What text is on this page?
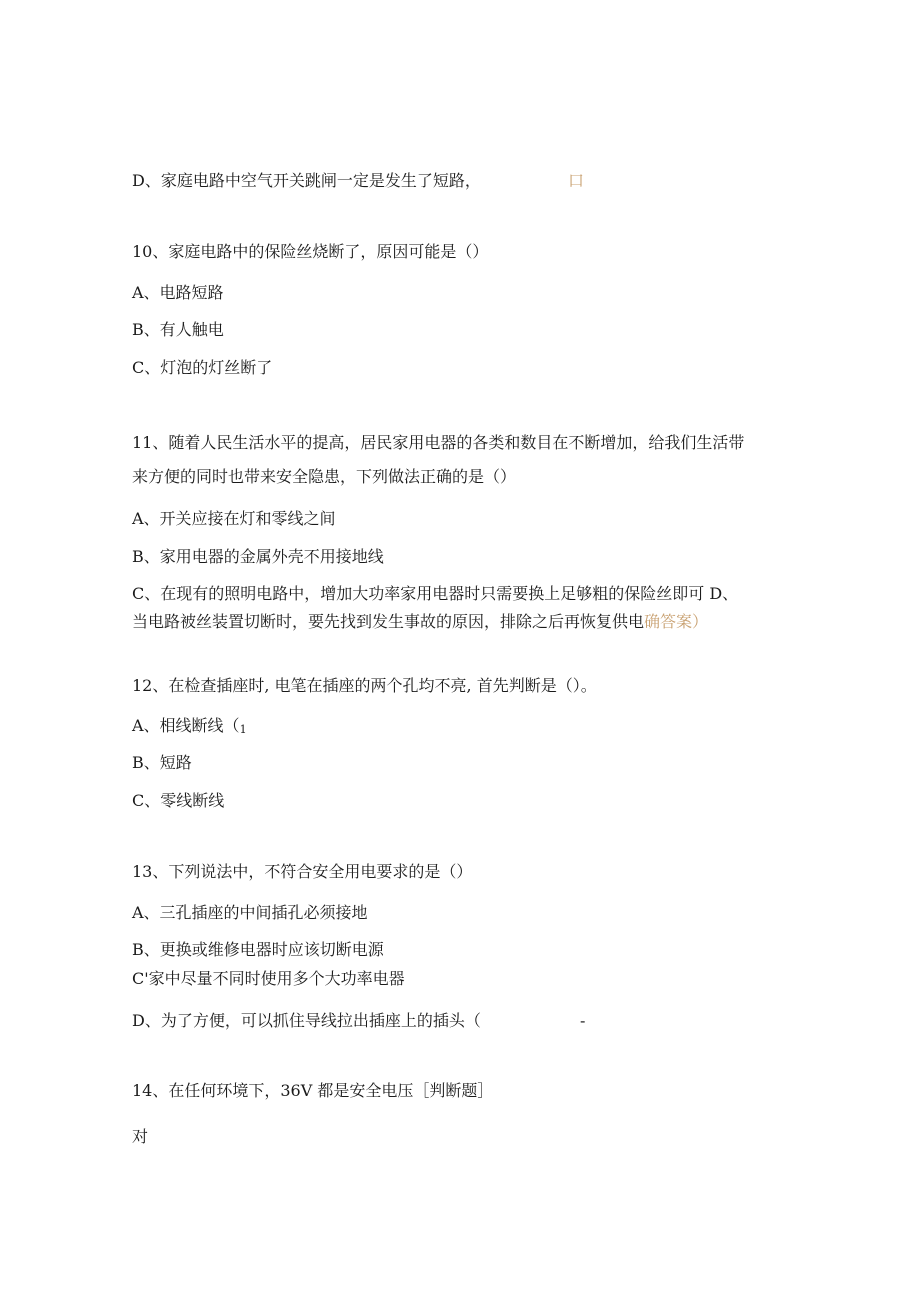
D、家庭电路中空气开关跳闸一定是发生了短路，	口
10、家庭电路中的保险丝烧断了，原因可能是（）
A、电路短路
B、有人触电
C、灯泡的灯丝断了
11、随着人民生活水平的提高，居民家用电器的各类和数目在不断增加，给我们生活带
来方便的同时也带来安全隐患，下列做法正确的是（）
A、开关应接在灯和零线之间
B、家用电器的金属外壳不用接地线
C、在现有的照明电路中，增加大功率家用电器时只需要换上足够粗的保险丝即可 D、
当电路被丝装置切断时，要先找到发生事故的原因，排除之后再恢复供电确答案）
12、在检查插座时, 电笔在插座的两个孔均不亮, 首先判断是（）。
A、相线断线（1
B、短路
C、零线断线
13、下列说法中，不符合安全用电要求的是（）
A、三孔插座的中间插孔必须接地
B、更换或维修电器时应该切断电源
C'家中尽量不同时使用多个大功率电器
D、为了方便，可以抓住导线拉出插座上的插头（	-
14、在任何环境下，36V 都是安全电压［判断题］
对
